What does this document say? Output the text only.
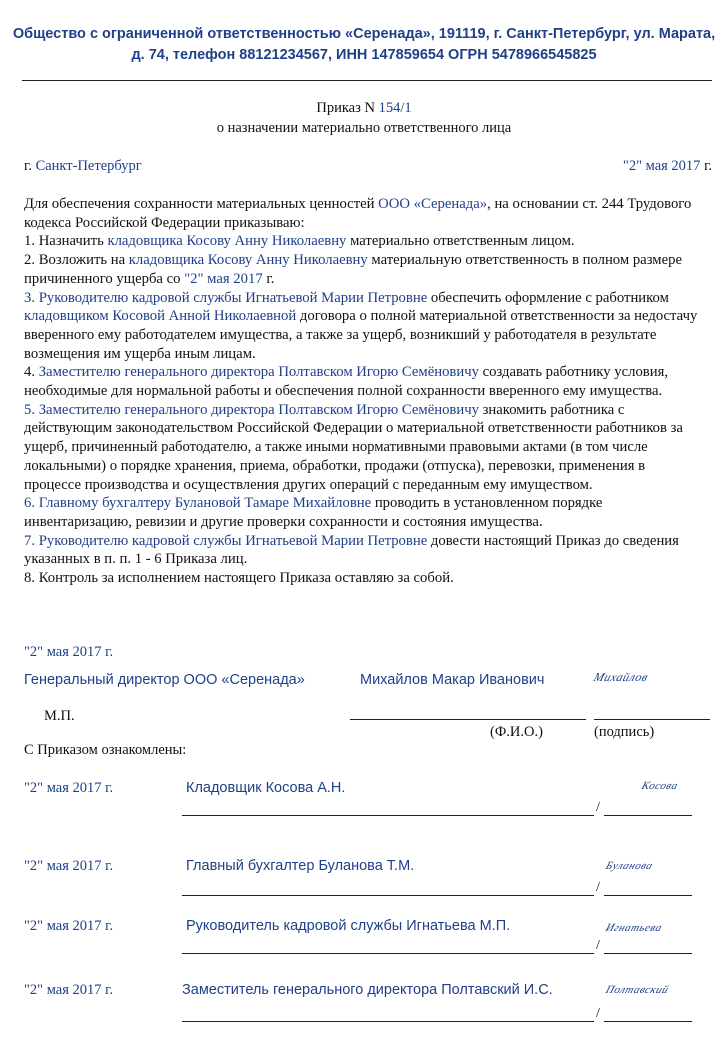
Общество с ограниченной ответственностью «Серенада», 191119, г. Санкт-Петербург, ул. Марата,
д. 74, телефон 88121234567, ИНН 147859654 ОГРН 5478966545825
Приказ N 154/1
о назначении материально ответственного лица
г. Санкт-Петербург	"2" мая 2017 г.

Для обеспечения сохранности материальных ценностей ООО «Серенада», на основании ст. 244 Трудового кодекса Российской Федерации приказываю:

1. Назначить кладовщика Косову Анну Николаевну материально ответственным лицом.

2. Возложить на кладовщика Косову Анну Николаевну материальную ответственность в полном размере причиненного ущерба со "2" мая 2017 г.

3. Руководителю кадровой службы Игнатьевой Марии Петровне обеспечить оформление с работником кладовщиком Косовой Анной Николаевной договора о полной материальной ответственности за недостачу вверенного ему работодателем имущества, а также за ущерб, возникший у работодателя в результате возмещения им ущерба иным лицам.

4. Заместителю генерального директора Полтавском Игорю Семёновичу создавать работнику условия, необходимые для нормальной работы и обеспечения полной сохранности вверенного ему имущества.

5. Заместителю генерального директора Полтавском Игорю Семёновичу знакомить работника с действующим законодательством Российской Федерации о материальной ответственности работников за ущерб, причиненный работодателю, а также иными нормативными правовыми актами (в том числе локальными) о порядке хранения, приема, обработки, продажи (отпуска), перевозки, применения в процессе производства и осуществления других операций с переданным ему имуществом.

6. Главному бухгалтеру Булановой Тамаре Михайловне проводить в установленном порядке инвентаризацию, ревизии и другие проверки сохранности и состояния имущества.

7. Руководителю кадровой службы Игнатьевой Марии Петровне довести настоящий Приказ до сведения указанных в п. п. 1 - 6 Приказа лиц.

8. Контроль за исполнением настоящего Приказа оставляю за собой.

"2" мая 2017 г.
Генеральный директор ООО «Серенада»	Михайлов Макар Иванович	Михайлов
М.П.
(Ф.И.О.)	(подпись)
С Приказом ознакомлены:
"2" мая 2017 г.	Кладовщик Косова А.Н.	Косова
/
"2" мая 2017 г.	Главный бухгалтер Буланова Т.М.	Буланова
/
"2" мая 2017 г.	Руководитель кадровой службы Игнатьева М.П.	Игнатьева
/
"2" мая 2017 г.	Заместитель генерального директора Полтавский И.С.	Полтавский
/
